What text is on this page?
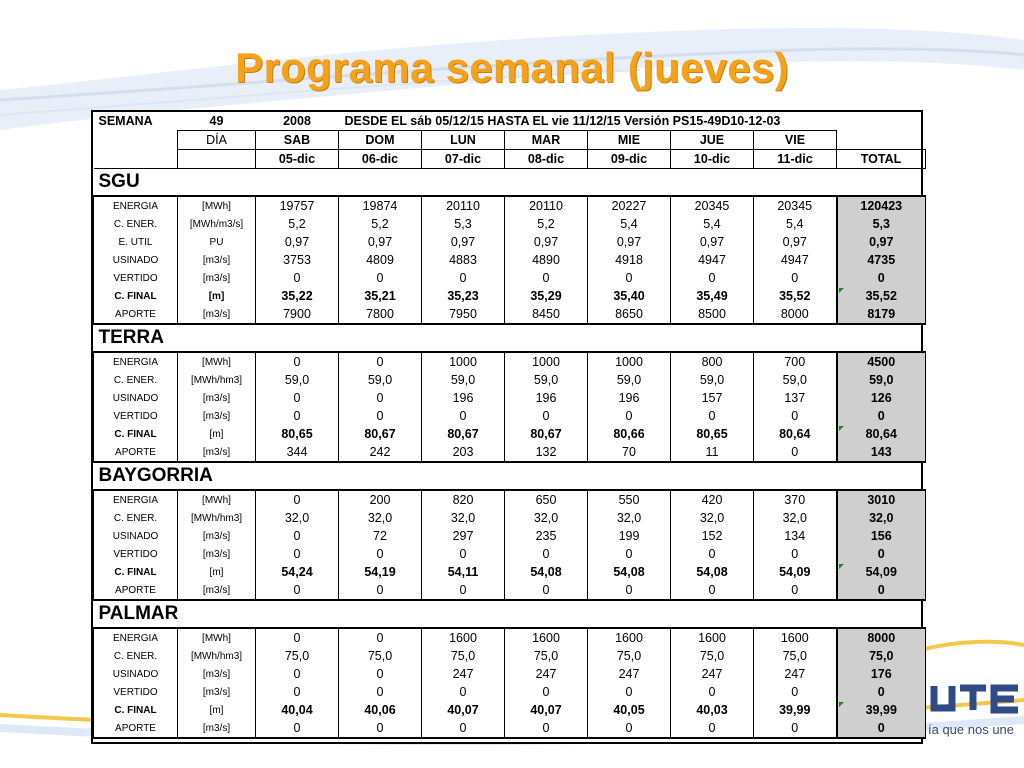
Programa semanal (jueves)
ía que nos une
SEMANA	49	2008	DESDE EL sáb 05/12/15 HASTA EL vie 11/12/15 Versión PS15-49D10-12-03						
	DÍA	SAB	DOM	LUN	MAR	MIE	JUE	VIE	
		05-dic	06-dic	07-dic	08-dic	09-dic	10-dic	11-dic	TOTAL
SGU									
ENERGIA	[MWh]	19757	19874	20110	20110	20227	20345	20345	120423
C. ENER.	[MWh/m3/s]	5,2	5,2	5,3	5,2	5,4	5,4	5,4	5,3
E. UTIL	PU	0,97	0,97	0,97	0,97	0,97	0,97	0,97	0,97
USINADO	[m3/s]	3753	4809	4883	4890	4918	4947	4947	4735
VERTIDO	[m3/s]	0	0	0	0	0	0	0	0
C. FINAL	[m]	35,22	35,21	35,23	35,29	35,40	35,49	35,52	35,52

APORTE	[m3/s]	7900	7800	7950	8450	8650	8500	8000	8179
TERRA									
ENERGIA	[MWh]	0	0	1000	1000	1000	800	700	4500
C. ENER.	[MWh/hm3]	59,0	59,0	59,0	59,0	59,0	59,0	59,0	59,0
USINADO	[m3/s]	0	0	196	196	196	157	137	126
VERTIDO	[m3/s]	0	0	0	0	0	0	0	0
C. FINAL	[m]	80,65	80,67	80,67	80,67	80,66	80,65	80,64	80,64

APORTE	[m3/s]	344	242	203	132	70	11	0	143
BAYGORRIA									
ENERGIA	[MWh]	0	200	820	650	550	420	370	3010
C. ENER.	[MWh/hm3]	32,0	32,0	32,0	32,0	32,0	32,0	32,0	32,0
USINADO	[m3/s]	0	72	297	235	199	152	134	156
VERTIDO	[m3/s]	0	0	0	0	0	0	0	0
C. FINAL	[m]	54,24	54,19	54,11	54,08	54,08	54,08	54,09	54,09

APORTE	[m3/s]	0	0	0	0	0	0	0	0
PALMAR									
ENERGIA	[MWh]	0	0	1600	1600	1600	1600	1600	8000
C. ENER.	[MWh/hm3]	75,0	75,0	75,0	75,0	75,0	75,0	75,0	75,0
USINADO	[m3/s]	0	0	247	247	247	247	247	176
VERTIDO	[m3/s]	0	0	0	0	0	0	0	0
C. FINAL	[m]	40,04	40,06	40,07	40,07	40,05	40,03	39,99	39,99

APORTE	[m3/s]	0	0	0	0	0	0	0	0
